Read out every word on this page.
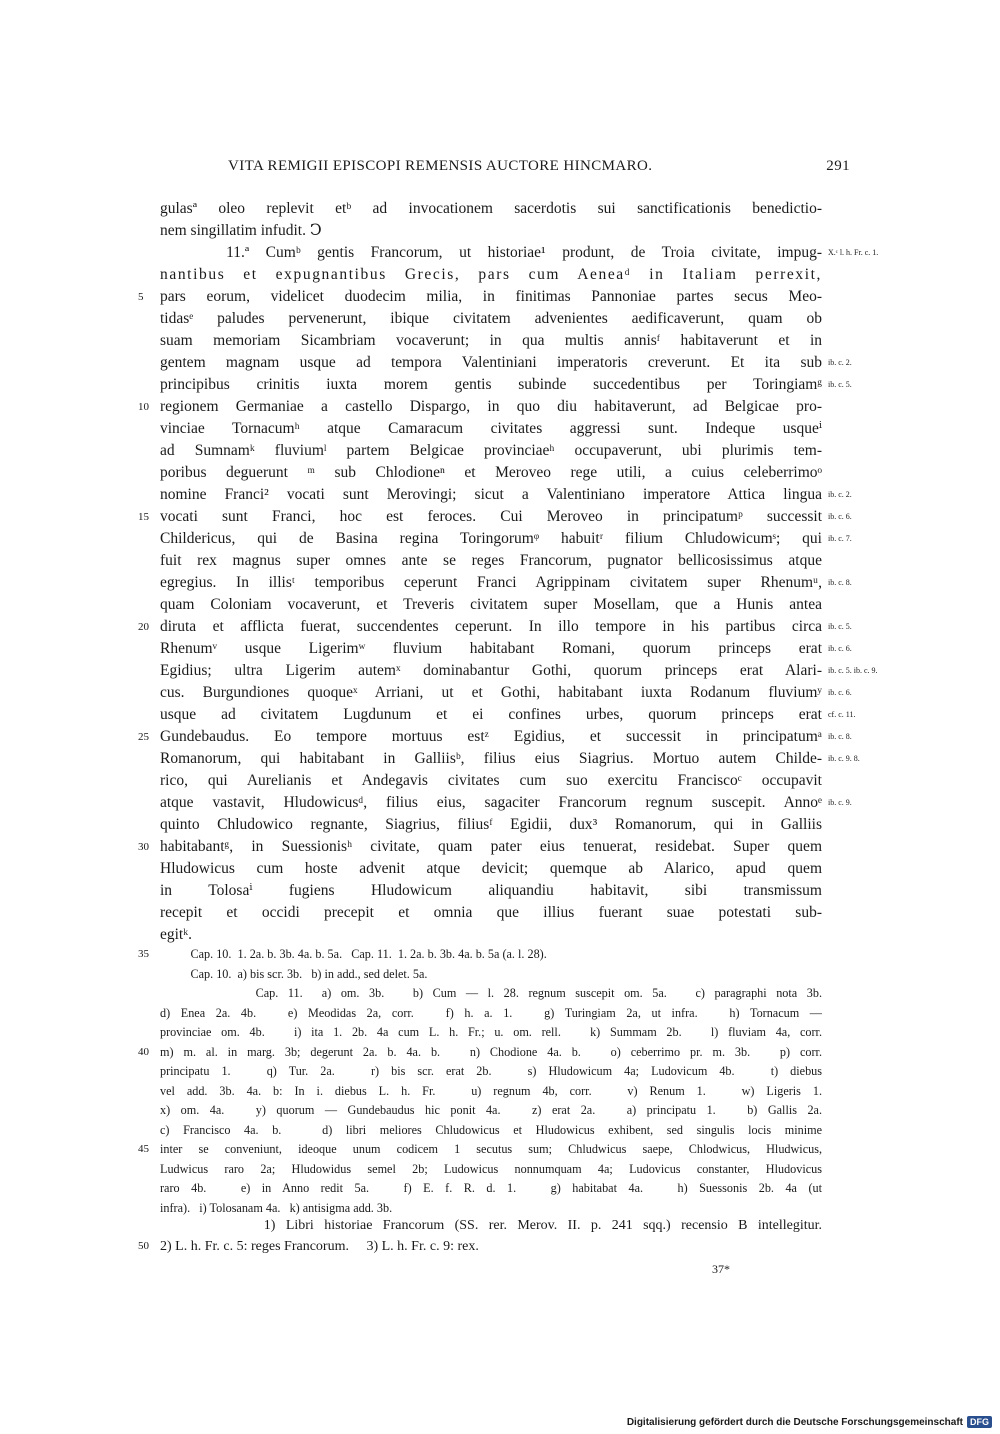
VITA REMIGII EPISCOPI REMENSIS AUCTORE HINCMARO.	291
gulasª oleo replevit etᵇ ad invocationem sacerdotis sui sanctificationis benedictio-
nem singillatim infudit. Ↄ
11.ª Cumᵇ gentis Francorum, ut historiae¹ produnt, de Troia civitate, impug- X.ᶜ l. h. Fr. c. 1.
nantibus et expugnantibus Grecis, pars cum Aeneaᵈ in Italiam perrexit,
5 pars eorum, videlicet duodecim milia, in finitimas Pannoniae partes secus Meo-
tidasᵉ paludes pervenerunt, ibique civitatem advenientes aedificaverunt, quam ob
suam memoriam Sicambriam vocaverunt; in qua multis annisᶠ habitaverunt et in
gentem magnam usque ad tempora Valentiniani imperatoris creverunt. Et ita sub ib. c. 2.
principibus crinitis iuxta morem gentis subinde succedentibus per Toringiamᵍ ib. c. 5.
10 regionem Germaniae a castello Dispargo, in quo diu habitaverunt, ad Belgicae pro-
vinciae Tornacumʰ atque Camaracum civitates aggressi sunt. Indeque usqueⁱ
ad Sumnamᵏ fluviumˡ partem Belgicae provinciaeʰ occupaverunt, ubi plurimis tem-
poribus deguerunt ᵐ sub Chlodioneⁿ et Meroveo rege utili, a cuius celeberrimoᵒ
nomine Franci² vocati sunt Merovingi; sicut a Valentiniano imperatore Attica lingua ib. c. 2.
15 vocati sunt Franci, hoc est feroces. Cui Meroveo in principatumᵖ successit ib. c. 6.
Childericus, qui de Basina regina Toringorumᵠ habuitʳ filium Chludowicumˢ; qui ib. c. 7.
fuit rex magnus super omnes ante se reges Francorum, pugnator bellicosissimus atque
egregius. In illisᵗ temporibus ceperunt Franci Agrippinam civitatem super Rhenumᵘ, ib. c. 8.
quam Coloniam vocaverunt, et Treveris civitatem super Mosellam, que a Hunis antea
20 diruta et afflicta fuerat, succendentes ceperunt. In illo tempore in his partibus circa ib. c. 5.
Rhenumᵛ usque Ligerimʷ fluvium habitabant Romani, quorum princeps erat ib. c. 6.
Egidius; ultra Ligerim autemˣ dominabantur Gothi, quorum princeps erat Alari- ib. c. 5. ib. c. 9.
cus. Burgundiones quoqueˣ Arriani, ut et Gothi, habitabant iuxta Rodanum fluviumʸ ib. c. 6.
usque ad civitatem Lugdunum et ei confines urbes, quorum princeps erat cf. c. 11.
25 Gundebaudus. Eo tempore mortuus estᶻ Egidius, et successit in principatumᵃ ib. c. 8.
Romanorum, qui habitabant in Galliisᵇ, filius eius Siagrius. Mortuo autem Childe- ib. c. 9. 8.
rico, qui Aurelianis et Andegavis civitates cum suo exercitu Franciscoᶜ occupavit
atque vastavit, Hludowicusᵈ, filius eius, sagaciter Francorum regnum suscepit. Annoᵉ ib. c. 9.
quinto Chludowico regnante, Siagrius, filiusᶠ Egidii, dux³ Romanorum, qui in Galliis
30 habitabantᵍ, in Suessionisʰ civitate, quam pater eius tenuerat, residebat. Super quem
Hludowicus cum hoste advenit atque devicit; quemque ab Alarico, apud quem
in Tolosaⁱ fugiens Hludowicum aliquandiu habitavit, sibi transmissum
recepit et occidi precepit et omnia que illius fuerant suae potestati sub-
egitᵏ.
35 Cap. 10.  1. 2a. b. 3b. 4a. b. 5a.   Cap. 11.  1. 2a. b. 3b. 4a. b. 5a (a. l. 28).
Cap. 10.  a) bis scr. 3b.   b) in add., sed delet. 5a.
Cap. 11.  a) om. 3b.   b) Cum — l. 28. regnum suscepit om. 5a.   c) paragraphi nota 3b.
d) Enea 2a. 4b.   e) Meodidas 2a, corr.   f) h. a. 1.   g) Turingiam 2a, ut infra.   h) Tornacum —
provinciae om. 4b.   i) ita 1. 2b. 4a cum L. h. Fr.; u. om. rell.   k) Summam 2b.   l) fluviam 4a, corr.
40 m) m. al. in marg. 3b; degerunt 2a. b. 4a. b.   n) Chodione 4a. b.   o) ceberrimo pr. m. 3b.   p) corr.
principatu 1.   q) Tur. 2a.   r) bis scr. erat 2b.   s) Hludowicum 4a; Ludovicum 4b.   t) diebus
vel add. 3b. 4a. b: In i. diebus L. h. Fr.   u) regnum 4b, corr.   v) Renum 1.   w) Ligeris 1.
x) om. 4a.   y) quorum — Gundebaudus hic ponit 4a.   z) erat 2a.   a) principatu 1.   b) Gallis 2a.
c) Francisco 4a. b.   d) libri meliores Chludowicus et Hludowicus exhibent, sed singulis locis minime
45 inter se conveniunt, ideoque unum codicem 1 secutus sum; Chludwicus saepe, Chlodwicus, Hludwicus,
Ludwicus raro 2a; Hludowidus semel 2b; Ludowicus nonnumquam 4a; Ludovicus constanter, Hludovicus
raro 4b.   e) in Anno redit 5a.   f) E. f. R. d. 1.   g) habitabat 4a.   h) Suessonis 2b. 4a (ut
infra).   i) Tolosanam 4a.   k) antisigma add. 3b.
1) Libri historiae Francorum (SS. rer. Merov. II. p. 241 sqq.) recensio B intellegitur.
50 2) L. h. Fr. c. 5: reges Francorum.     3) L. h. Fr. c. 9: rex.
37*
Digitalisierung gefördert durch die Deutsche Forschungsgemeinschaft DFG
